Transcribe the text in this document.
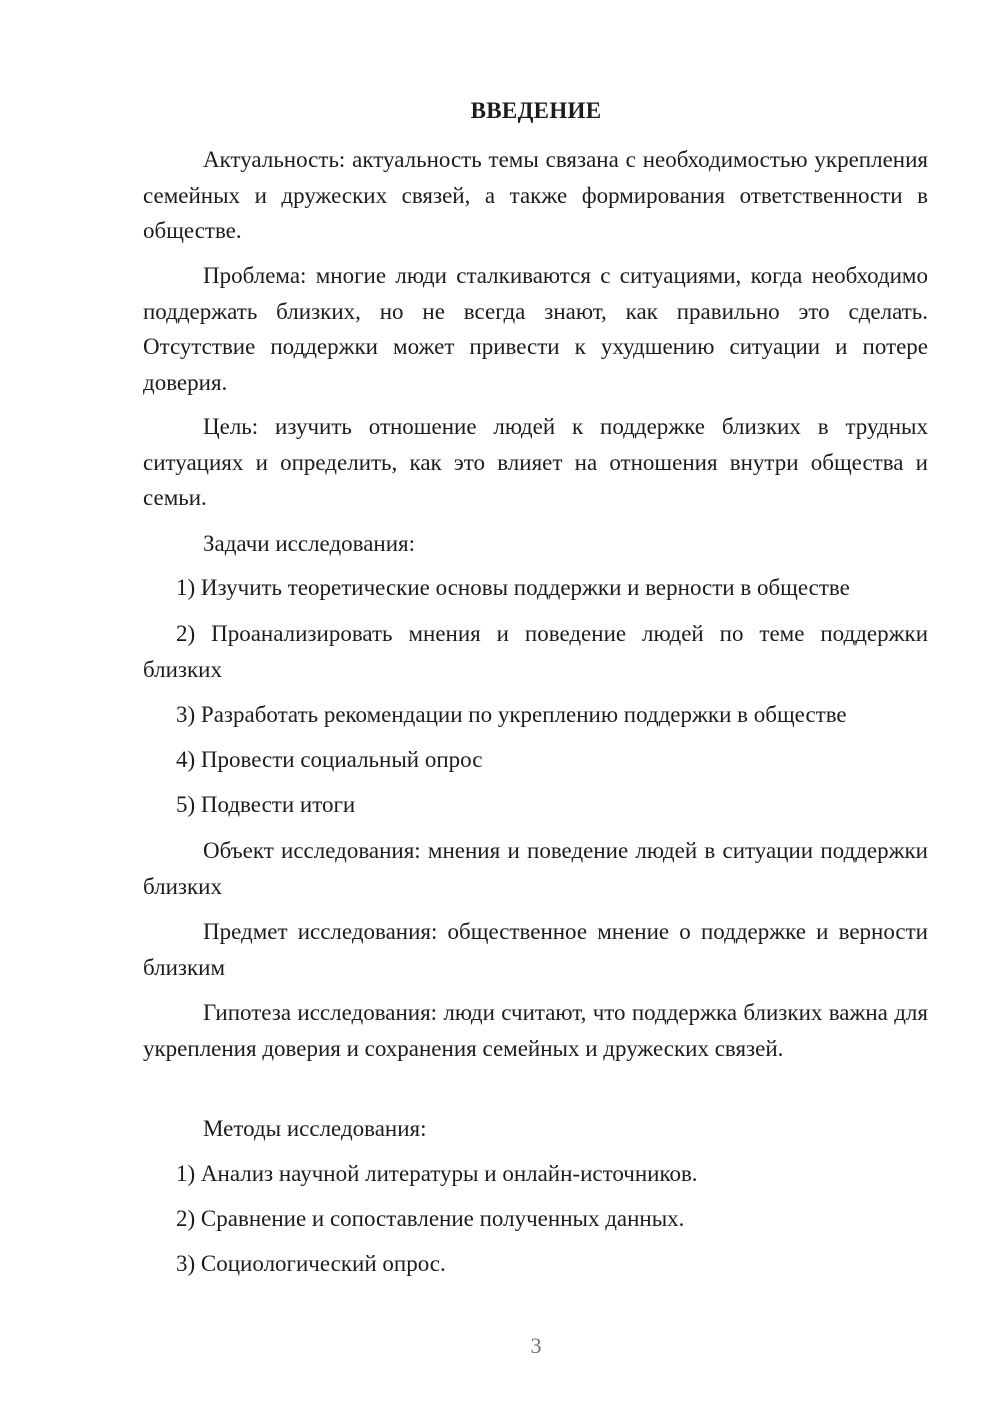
ВВЕДЕНИЕ
Актуальность: актуальность темы связана с необходимостью укрепления семейных и дружеских связей, а также формирования ответственности в обществе.
Проблема: многие люди сталкиваются с ситуациями, когда необходимо поддержать близких, но не всегда знают, как правильно это сделать. Отсутствие поддержки может привести к ухудшению ситуации и потере доверия.
Цель: изучить отношение людей к поддержке близких в трудных ситуациях и определить, как это влияет на отношения внутри общества и семьи.
Задачи исследования:
1) Изучить теоретические основы поддержки и верности в обществе
2) Проанализировать мнения и поведение людей по теме поддержки близких
3) Разработать рекомендации по укреплению поддержки в обществе
4) Провести социальный опрос
5) Подвести итоги
Объект исследования: мнения и поведение людей в ситуации поддержки близких
Предмет исследования: общественное мнение о поддержке и верности близким
Гипотеза исследования: люди считают, что поддержка близких важна для укрепления доверия и сохранения семейных и дружеских связей.
Методы исследования:
1) Анализ научной литературы и онлайн-источников.
2) Сравнение и сопоставление полученных данных.
3) Социологический опрос.
3
